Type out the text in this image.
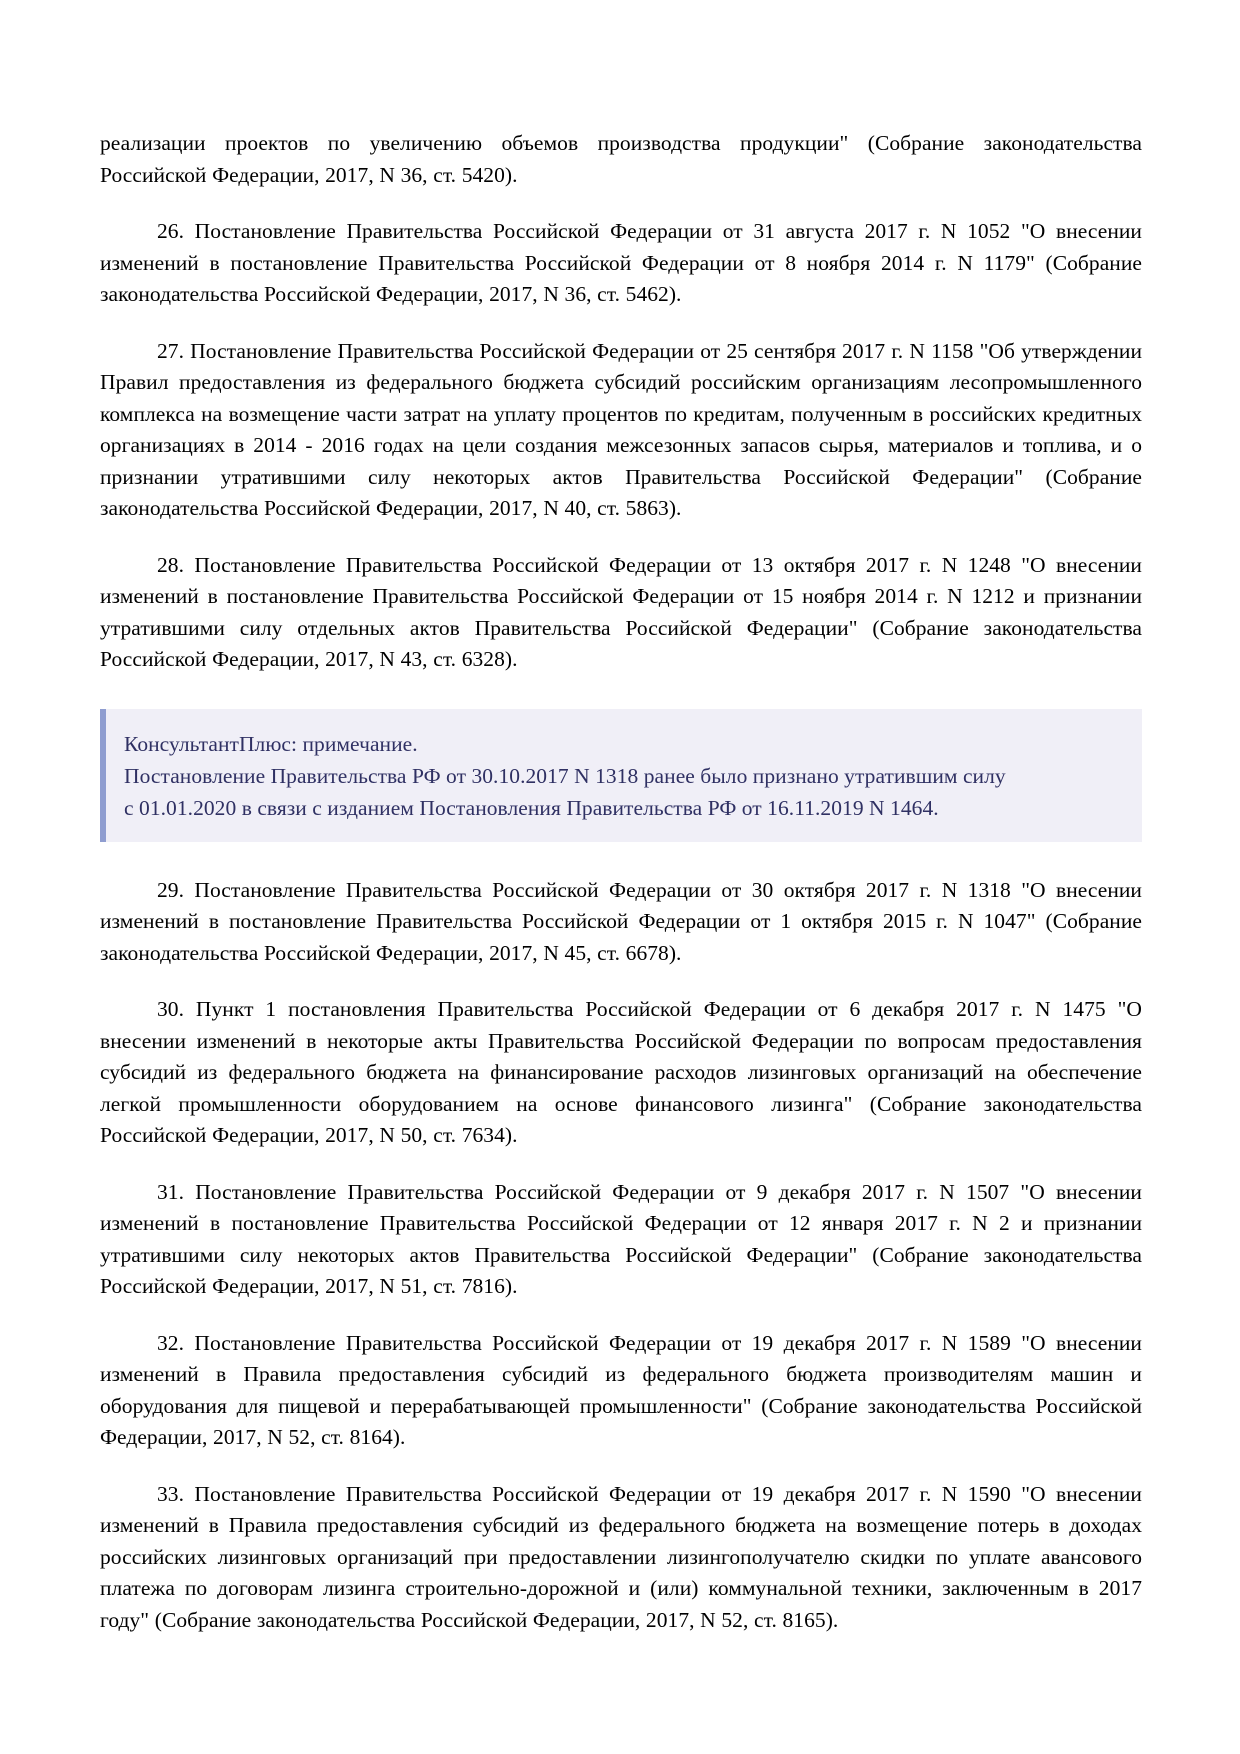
реализации проектов по увеличению объемов производства продукции" (Собрание законодательства Российской Федерации, 2017, N 36, ст. 5420).

26. Постановление Правительства Российской Федерации от 31 августа 2017 г. N 1052 "О внесении изменений в постановление Правительства Российской Федерации от 8 ноября 2014 г. N 1179" (Собрание законодательства Российской Федерации, 2017, N 36, ст. 5462).

27. Постановление Правительства Российской Федерации от 25 сентября 2017 г. N 1158 "Об утверждении Правил предоставления из федерального бюджета субсидий российским организациям лесопромышленного комплекса на возмещение части затрат на уплату процентов по кредитам, полученным в российских кредитных организациях в 2014 - 2016 годах на цели создания межсезонных запасов сырья, материалов и топлива, и о признании утратившими силу некоторых актов Правительства Российской Федерации" (Собрание законодательства Российской Федерации, 2017, N 40, ст. 5863).

28. Постановление Правительства Российской Федерации от 13 октября 2017 г. N 1248 "О внесении изменений в постановление Правительства Российской Федерации от 15 ноября 2014 г. N 1212 и признании утратившими силу отдельных актов Правительства Российской Федерации" (Собрание законодательства Российской Федерации, 2017, N 43, ст. 6328).

КонсультантПлюс: примечание.

Постановление Правительства РФ от 30.10.2017 N 1318 ранее было признано утратившим силу

с 01.01.2020 в связи с изданием Постановления Правительства РФ от 16.11.2019 N 1464.

29. Постановление Правительства Российской Федерации от 30 октября 2017 г. N 1318 "О внесении изменений в постановление Правительства Российской Федерации от 1 октября 2015 г. N 1047" (Собрание законодательства Российской Федерации, 2017, N 45, ст. 6678).

30. Пункт 1 постановления Правительства Российской Федерации от 6 декабря 2017 г. N 1475 "О внесении изменений в некоторые акты Правительства Российской Федерации по вопросам предоставления субсидий из федерального бюджета на финансирование расходов лизинговых организаций на обеспечение легкой промышленности оборудованием на основе финансового лизинга" (Собрание законодательства Российской Федерации, 2017, N 50, ст. 7634).

31. Постановление Правительства Российской Федерации от 9 декабря 2017 г. N 1507 "О внесении изменений в постановление Правительства Российской Федерации от 12 января 2017 г. N 2 и признании утратившими силу некоторых актов Правительства Российской Федерации" (Собрание законодательства Российской Федерации, 2017, N 51, ст. 7816).

32. Постановление Правительства Российской Федерации от 19 декабря 2017 г. N 1589 "О внесении изменений в Правила предоставления субсидий из федерального бюджета производителям машин и оборудования для пищевой и перерабатывающей промышленности" (Собрание законодательства Российской Федерации, 2017, N 52, ст. 8164).

33. Постановление Правительства Российской Федерации от 19 декабря 2017 г. N 1590 "О внесении изменений в Правила предоставления субсидий из федерального бюджета на возмещение потерь в доходах российских лизинговых организаций при предоставлении лизингополучателю скидки по уплате авансового платежа по договорам лизинга строительно-дорожной и (или) коммунальной техники, заключенным в 2017 году" (Собрание законодательства Российской Федерации, 2017, N 52, ст. 8165).
